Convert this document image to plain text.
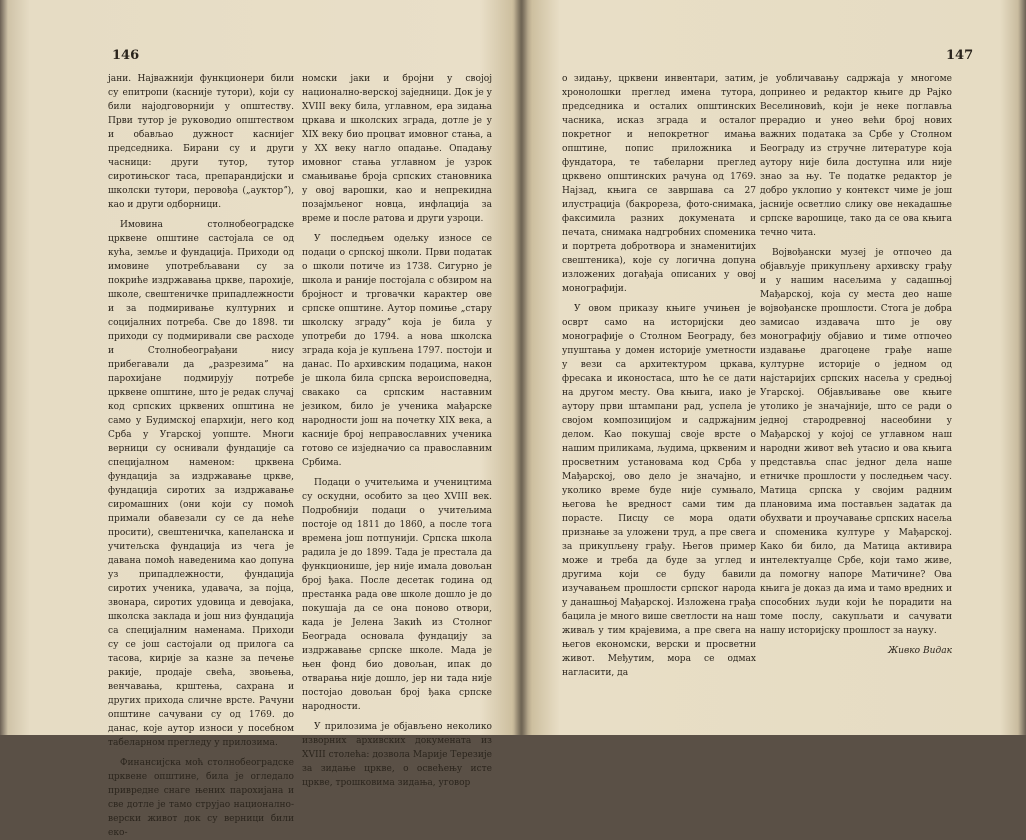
146

јани. Најважнији функционери били су епитропи (касније тутори), који су били најодговорнији у општеству. Први тутор је руководио општеством и обављао дужност каснијег председника. Бирани су и други часници: други тутор, тутор сиротињског тасa, препарандијски и школски тутори, перовођа („аукторˮ), као и други одборници.

Имовина столнобеоградске црквене општине састојала се од кућа, земље и фундација. Приходи од имовине употребљавани су за покриће издржавања цркве, парохије, школе, свештеничке припадлежности и за подмиривање културних и социјалних потреба. Све до 1898. ти приходи су подмиривали све расходе и Столнобеограђани нису прибегавали да „разрезимаˮ на парохијане подмирују потребе црквене општине, што је редак случај код српских црквених општина не само у Будимској епархији, него код Срба у Угарској уопште. Многи верници су оснивали фундације са специјалном наменом: црквена фундација за издржавање цркве, фундација сиротих за издржавање сиромашних (они који су помоћ примали обавезали су се да неће просити), свештеничка, капеланска и учитељска фундација из чега је давана помоћ наведенима као допуна уз припадлежности, фундација сиротих ученика, удавача, за појца, звонара, сиротих удовица и девојака, школска заклада и још низ фундација са специјалним наменама. Приходи су се још састојали од прилога са тасова, кирије за казне за печење ракије, продаје свећа, звоњења, венчавања, крштења, сахрана и других прихода сличне врсте. Рачуни општине сачувани су од 1769. до данас, које аутор износи у посебном табеларном прегледу у прилозима.

Финансијска моћ столнобеоградске црквене општине, била је огледало привредне снаге њених парохијана и све дотле је тамо струјао национално-верски живот док су верници били еко-

номски јаки и бројни у својој национално-верској заједници. Док је у XVIII веку била, углавном, ера зидања цркава и школских зграда, дотле је у XIX веку био процват имовног стања, а у XX веку нагло опадање. Опадању имовног стања углавном је узрок смањивање броја српских становника у овој варошки, као и непрекидна позајмљеног новца, инфлација за време и после ратова и други узроци.

У последњем одељку износе се подаци о српској школи. Први податак о школи потиче из 1738. Сигурно је школа и раније постојала с обзиром на бројност и трговачки карактер ове српске општине. Аутор помиње „стару школску зградуˮ која је била у употреби до 1794. а нова школска зграда која је купљена 1797. постоји и данас. По архивским подацима, након је школа била српска вероисповедна, свакако са српским наставним језиком, било је ученика мађарске народности још на почетку XIX века, а касније број непрaвославних ученика готово се изједначио са православним Србима.

Подаци о учитељима и учеництима су оскудни, особито за цео XVIII век. Подробнији подаци о учитељима постоје од 1811 до 1860, а после тога времена још потпунији. Српска школа радила је до 1899. Тада је престала да функционише, јер није имала довољан број ђака. После десетак година од престанка рада ове школе дошло је до покушаја да се она поново отвори, када је Јелена Закић из Столног Београда основала фундацију за издржавање српске школе. Мада је њен фонд био довољан, ипак до отварања није дошло, јер ни тада није постојао довољан број ђака српске народности.

У прилозима је објављено неколико изворних архивских докумената из XVIII столећа: дозвола Марије Терезије за зидање цркве, о освећењу исте цркве, трошковима зидања, уговор

147

о зидању, црквени инвентари, затим, хронолошки преглед имена тутора, председника и осталих општинских часника, исказ зграда и осталог покретног и непокретног имања општине, попис приложника и фундатора, те табеларни преглед црквено општинских рачуна од 1769. Најзад, књига се завршава са 27 илустрација (бакрореза, фото-снимака, факсимила разних докумената и печата, снимака надгробних споменика и портрета добротвора и знаменитијих свештеника), које су логична допуна изложених догађаја описаних у овој монографији.

У овом приказу књиге учињен је осврт само на историјски део монографије о Столном Београду, без упуштања у домен историје уметности у вези са архитектуром цркава, фресака и иконостаса, што ће се дати на другом месту. Ова књига, иако је аутору први штампани рад, успела је својом композицијом и садржајним делом. Као покушај своје врсте о нашим приликама, људима, црквеним и просветним установама код Срба у Мађарској, ово дело је значајно, и уколико време буде није сумњало, његова ће вредност сами тим да порасте. Писцу се мора одати признање за уложени труд, а пре свега за прикупљену грађу. Његов пример може и треба да буде за углед и другима који се буду бавили изучавањем прошлости српског народа у данашњој Мађарској. Изложена грађа бацила је много више светлости на наш живаљ у тим крајевима, а пре свега на његов економски, верски и просветни живот. Међутим, мора се одмах нагласити, да

је уобличавању садржаја у многоме допринео и редактор књиге др Рајко Веселиновић, који је неке поглавља прерадио и унео већи број нових важних података за Србе у Столном Београду из стручне литературе која аутору није била доступна или није знао за њу. Те податке редактор је добро уклопио у контекст чиме је још јасније осветлио слику ове некадашње српске варошице, тако да се ова књига течно чита.

Војвођански музеј је отпочео да објављује прикупљену архивску грађу и у нашим насељима у садашњој Мађарској, која су места део наше војвођанске прошлости. Стога је добра замисао издавача што је ову монографију објавио и тиме отпочео издавање драгоцене грађе наше културне историје о једном од најстаријих српских насеља у средњој Угарској. Објављивање ове књиге утолико је значајније, што се ради о једној стародревној насеобини у Мађарској у којој се углавном наш народни живот већ утасио и ова књига представља спас једног дела наше етничке прошлости у последњем часу. Матица српска у својим радним плановима има постављен задатак да обухвати и проучавање српских насеља и споменика културе у Мађарској. Како би било, да Матица активира интелектуалце Србе, који тамо живе, да помогну напоре Матичине? Ова књига је доказ да има и тамо вредних и способних људи који ће порадити на томе послу, сакупљати и сачувати нашу историјску прошлост за науку.

Живко Видак
